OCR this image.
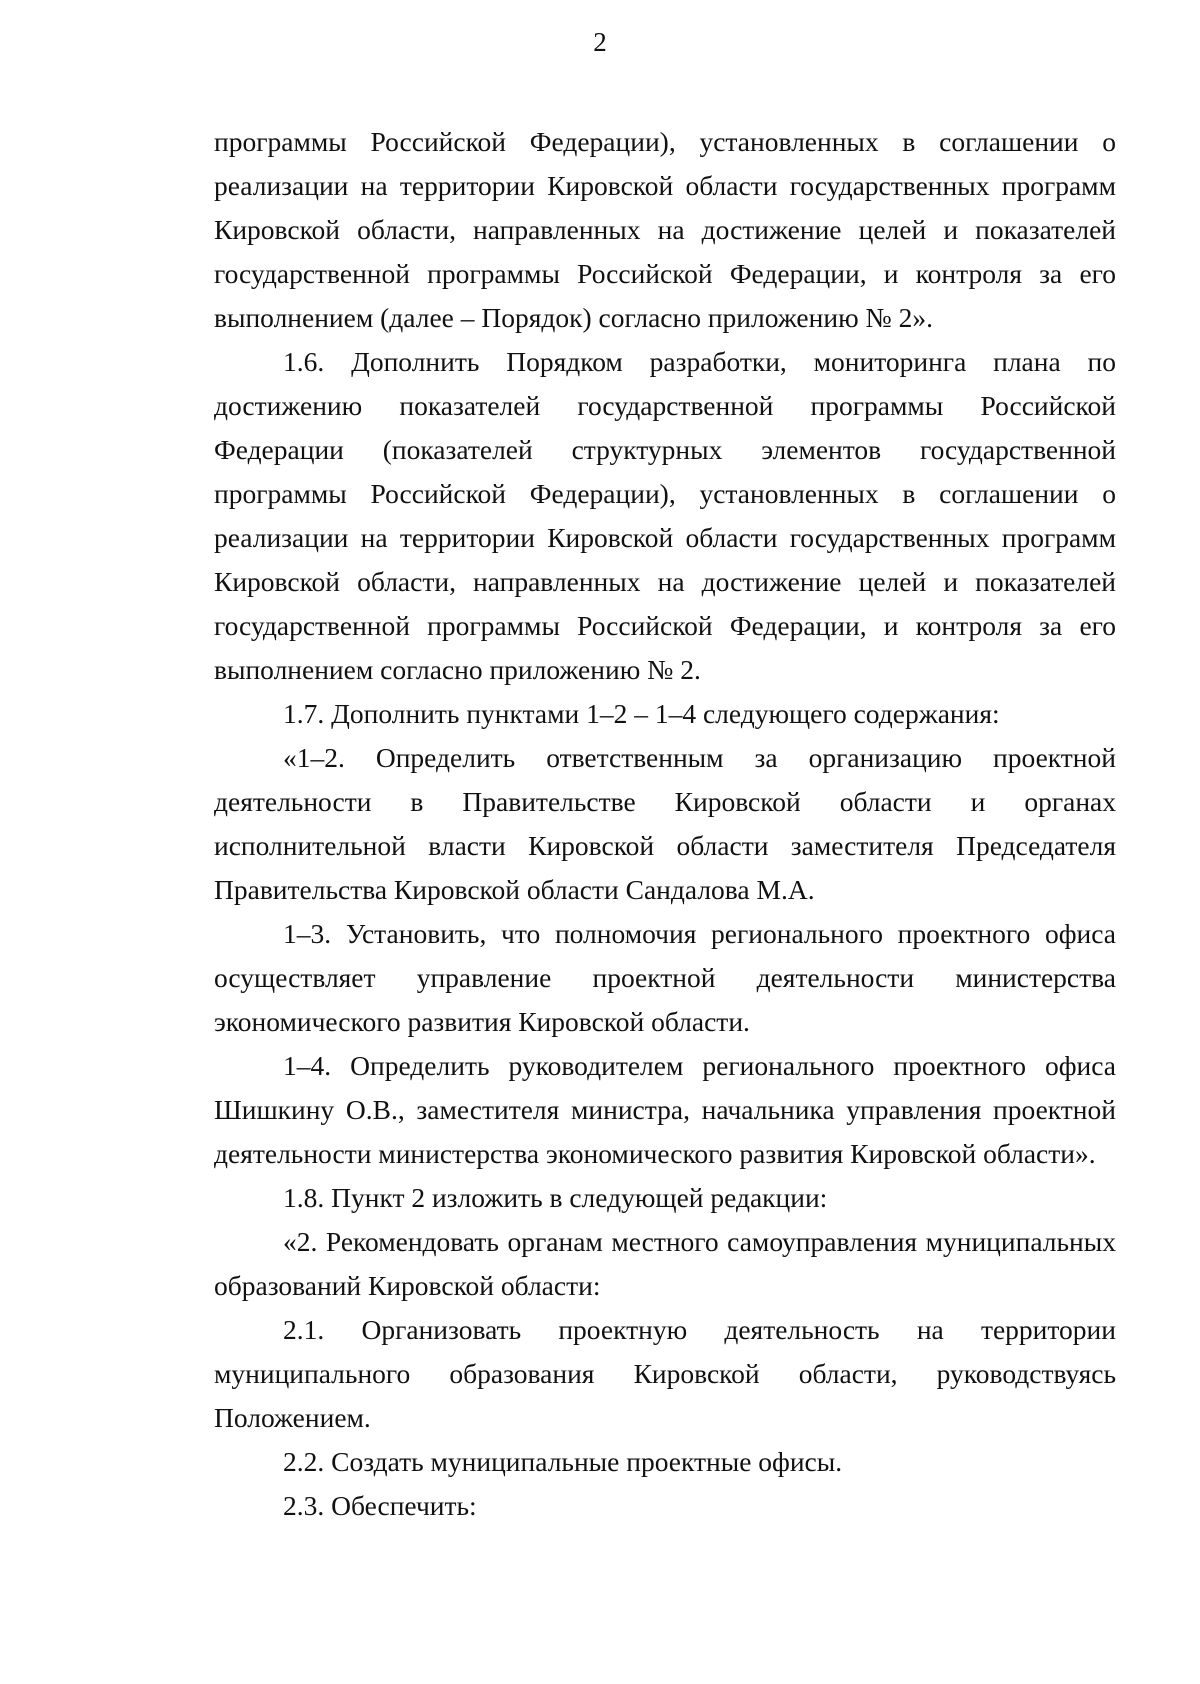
2

программы Российской Федерации), установленных в соглашении о реализации на территории Кировской области государственных программ Кировской области, направленных на достижение целей и показателей государственной программы Российской Федерации, и контроля за его выполнением (далее – Порядок) согласно приложению № 2».

1.6. Дополнить Порядком разработки, мониторинга плана по достижению показателей государственной программы Российской Федерации (показателей структурных элементов государственной программы Российской Федерации), установленных в соглашении о реализации на территории Кировской области государственных программ Кировской области, направленных на достижение целей и показателей государственной программы Российской Федерации, и контроля за его выполнением согласно приложению № 2.

1.7. Дополнить пунктами 1–2 – 1–4 следующего содержания:

«1–2. Определить ответственным за организацию проектной деятельности в Правительстве Кировской области и органах исполнительной власти Кировской области заместителя Председателя Правительства Кировской области Сандалова М.А.

1–3. Установить, что полномочия регионального проектного офиса осуществляет управление проектной деятельности министерства экономического развития Кировской области.

1–4. Определить руководителем регионального проектного офиса Шишкину О.В., заместителя министра, начальника управления проектной деятельности министерства экономического развития Кировской области».

1.8. Пункт 2 изложить в следующей редакции:

«2. Рекомендовать органам местного самоуправления муниципальных образований Кировской области:

2.1. Организовать проектную деятельность на территории муниципального образования Кировской области, руководствуясь Положением.

2.2. Создать муниципальные проектные офисы.

2.3. Обеспечить:
